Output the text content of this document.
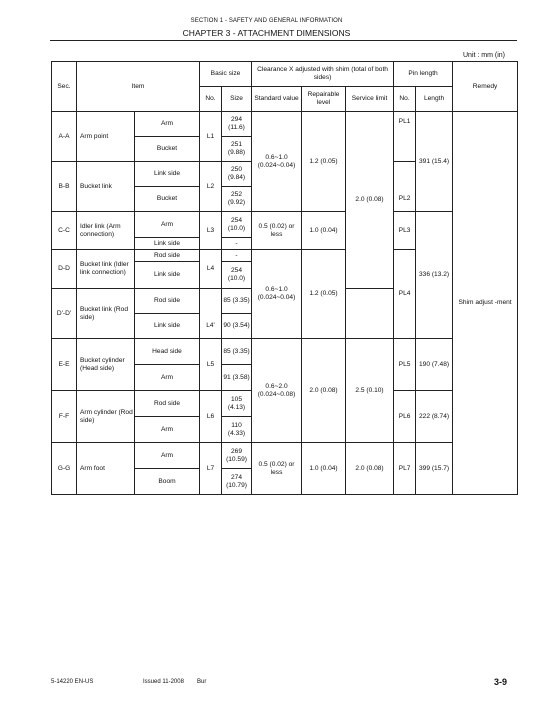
SECTION 1 - SAFETY AND GENERAL INFORMATION
CHAPTER 3 - ATTACHMENT DIMENSIONS
Unit : mm (in)
Sec.	Item		Basic size		Clearance X adjusted with shim (total of both sides)			Pin length		Remedy
			No.	Size	Standard value	Repairable level	Service limit	No.	Length	
A-A	Arm point	Arm	L1	294 (11.6)	0.6~1.0 (0.024~0.04)	1.2 (0.05)	2.0 (0.08)	PL1	391 (15.4)	Shim adjust -ment
		Bucket		251 (9.88)						
B-B	Bucket link	Link side	L2	250 (9.84)				PL2		
		Bucket		252 (9.92)						
C-C	Idler link (Arm connection)	Arm	L3	254 (10.0)	0.5 (0.02) or less	1.0 (0.04)		PL3	336 (13.2)	
		Link side		-						
D-D	Bucket link (Idler link connection)	Rod side	L4	-	0.6~1.0 (0.024~0.04)	1.2 (0.05)		PL4		
		Link side		254 (10.0)						
D'-D'	Bucket link (Rod side)	Rod side	L4'	85 (3.35)						
		Link side		90 (3.54)						
E-E	Bucket cylinder (Head side)	Head side	L5	85 (3.35)	0.6~2.0 (0.024~0.08)	2.0 (0.08)	2.5 (0.10)	PL5	190 (7.48)	
		Arm		91 (3.58)						
F-F	Arm cylinder (Rod side)	Rod side	L6	105 (4.13)				PL6	222 (8.74)	
		Arm		110 (4.33)						
G-G	Arm foot	Arm	L7	269 (10.59)	0.5 (0.02) or less	1.0 (0.04)	2.0 (0.08)	PL7	399 (15.7)	
		Boom		274 (10.79)						
5-14220 EN-US	Issued 11-2008 Bur	3-9
